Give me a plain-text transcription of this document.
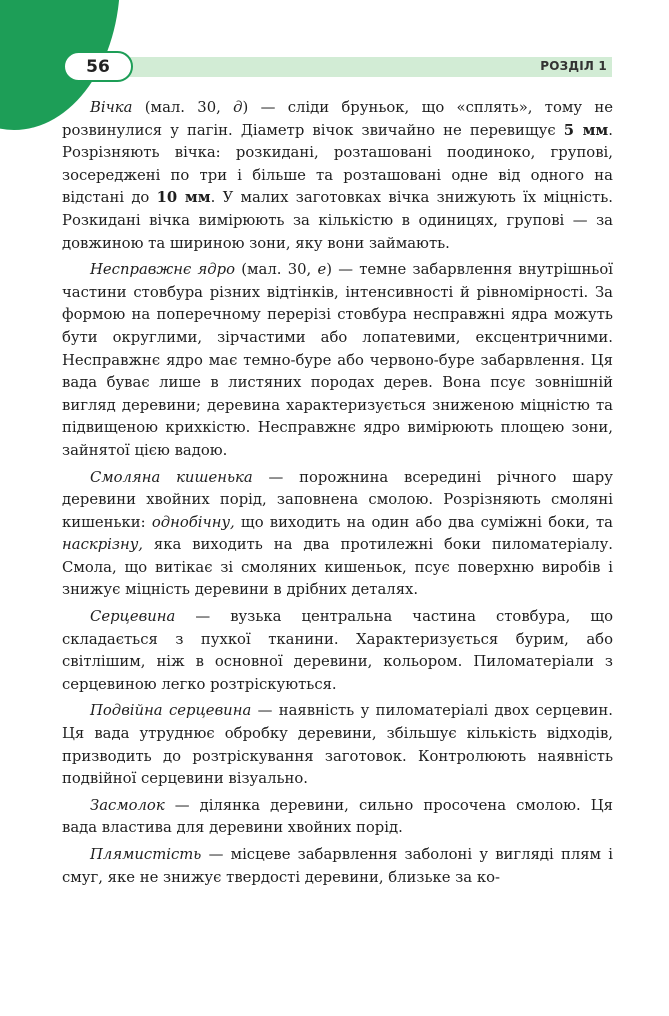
56	РОЗДІЛ 1

Вічка (мал. 30, д) — сліди бруньок, що «сплять», тому не розвинулися у пагін. Діаметр вічок звичайно не перевищує 5 мм. Розрізняють вічка: розкидані, розташовані поодиноко, групові, зосереджені по три і більше та розташовані одне від одного на відстані до 10 мм. У малих заготовках вічка знижують їх міцність. Розкидані вічка вимірюють за кількістю в одиницях, групові — за довжиною та шириною зони, яку вони займають.

Несправжнє ядро (мал. 30, е) — темне забарвлення внутрішньої частини стовбура різних відтінків, інтенсивності й рівномірності. За формою на поперечному перерізі стовбура несправжні ядра можуть бути округлими, зірчастими або лопатевими, ексцентричними. Несправжнє ядро має темно-буре або червоно-буре забарвлення. Ця вада буває лише в листяних породах дерев. Вона псує зовнішній вигляд деревини; деревина характеризується зниженою міцністю та підвищеною крихкістю. Несправжнє ядро вимірюють площею зони, зайнятої цією вадою.

Смоляна кишенька — порожнина всередині річного шару деревини хвойних порід, заповнена смолою. Розрізняють смоляні кишеньки: однобічну, що виходить на один або два суміжні боки, та наскрізну, яка виходить на два протилежні боки пиломатеріалу. Смола, що витікає зі смоляних кишеньок, псує поверхню виробів і знижує міцність деревини в дрібних деталях.

Серцевина — вузька центральна частина стовбура, що складається з пухкої тканини. Характеризується бурим, або світлішим, ніж в основної деревини, кольором. Пиломатеріали з серцевиною легко розтріскуються.

Подвійна серцевина — наявність у пиломатеріалі двох серцевин. Ця вада утруднює обробку деревини, збільшує кількість відходів, призводить до розтріскування заготовок. Контролюють наявність подвійної серцевини візуально.

Засмолок — ділянка деревини, сильно просочена смолою. Ця вада властива для деревини хвойних порід.

Плямистість — місцеве забарвлення заболоні у вигляді плям і смуг, яке не знижує твердості деревини, близьке за ко-
